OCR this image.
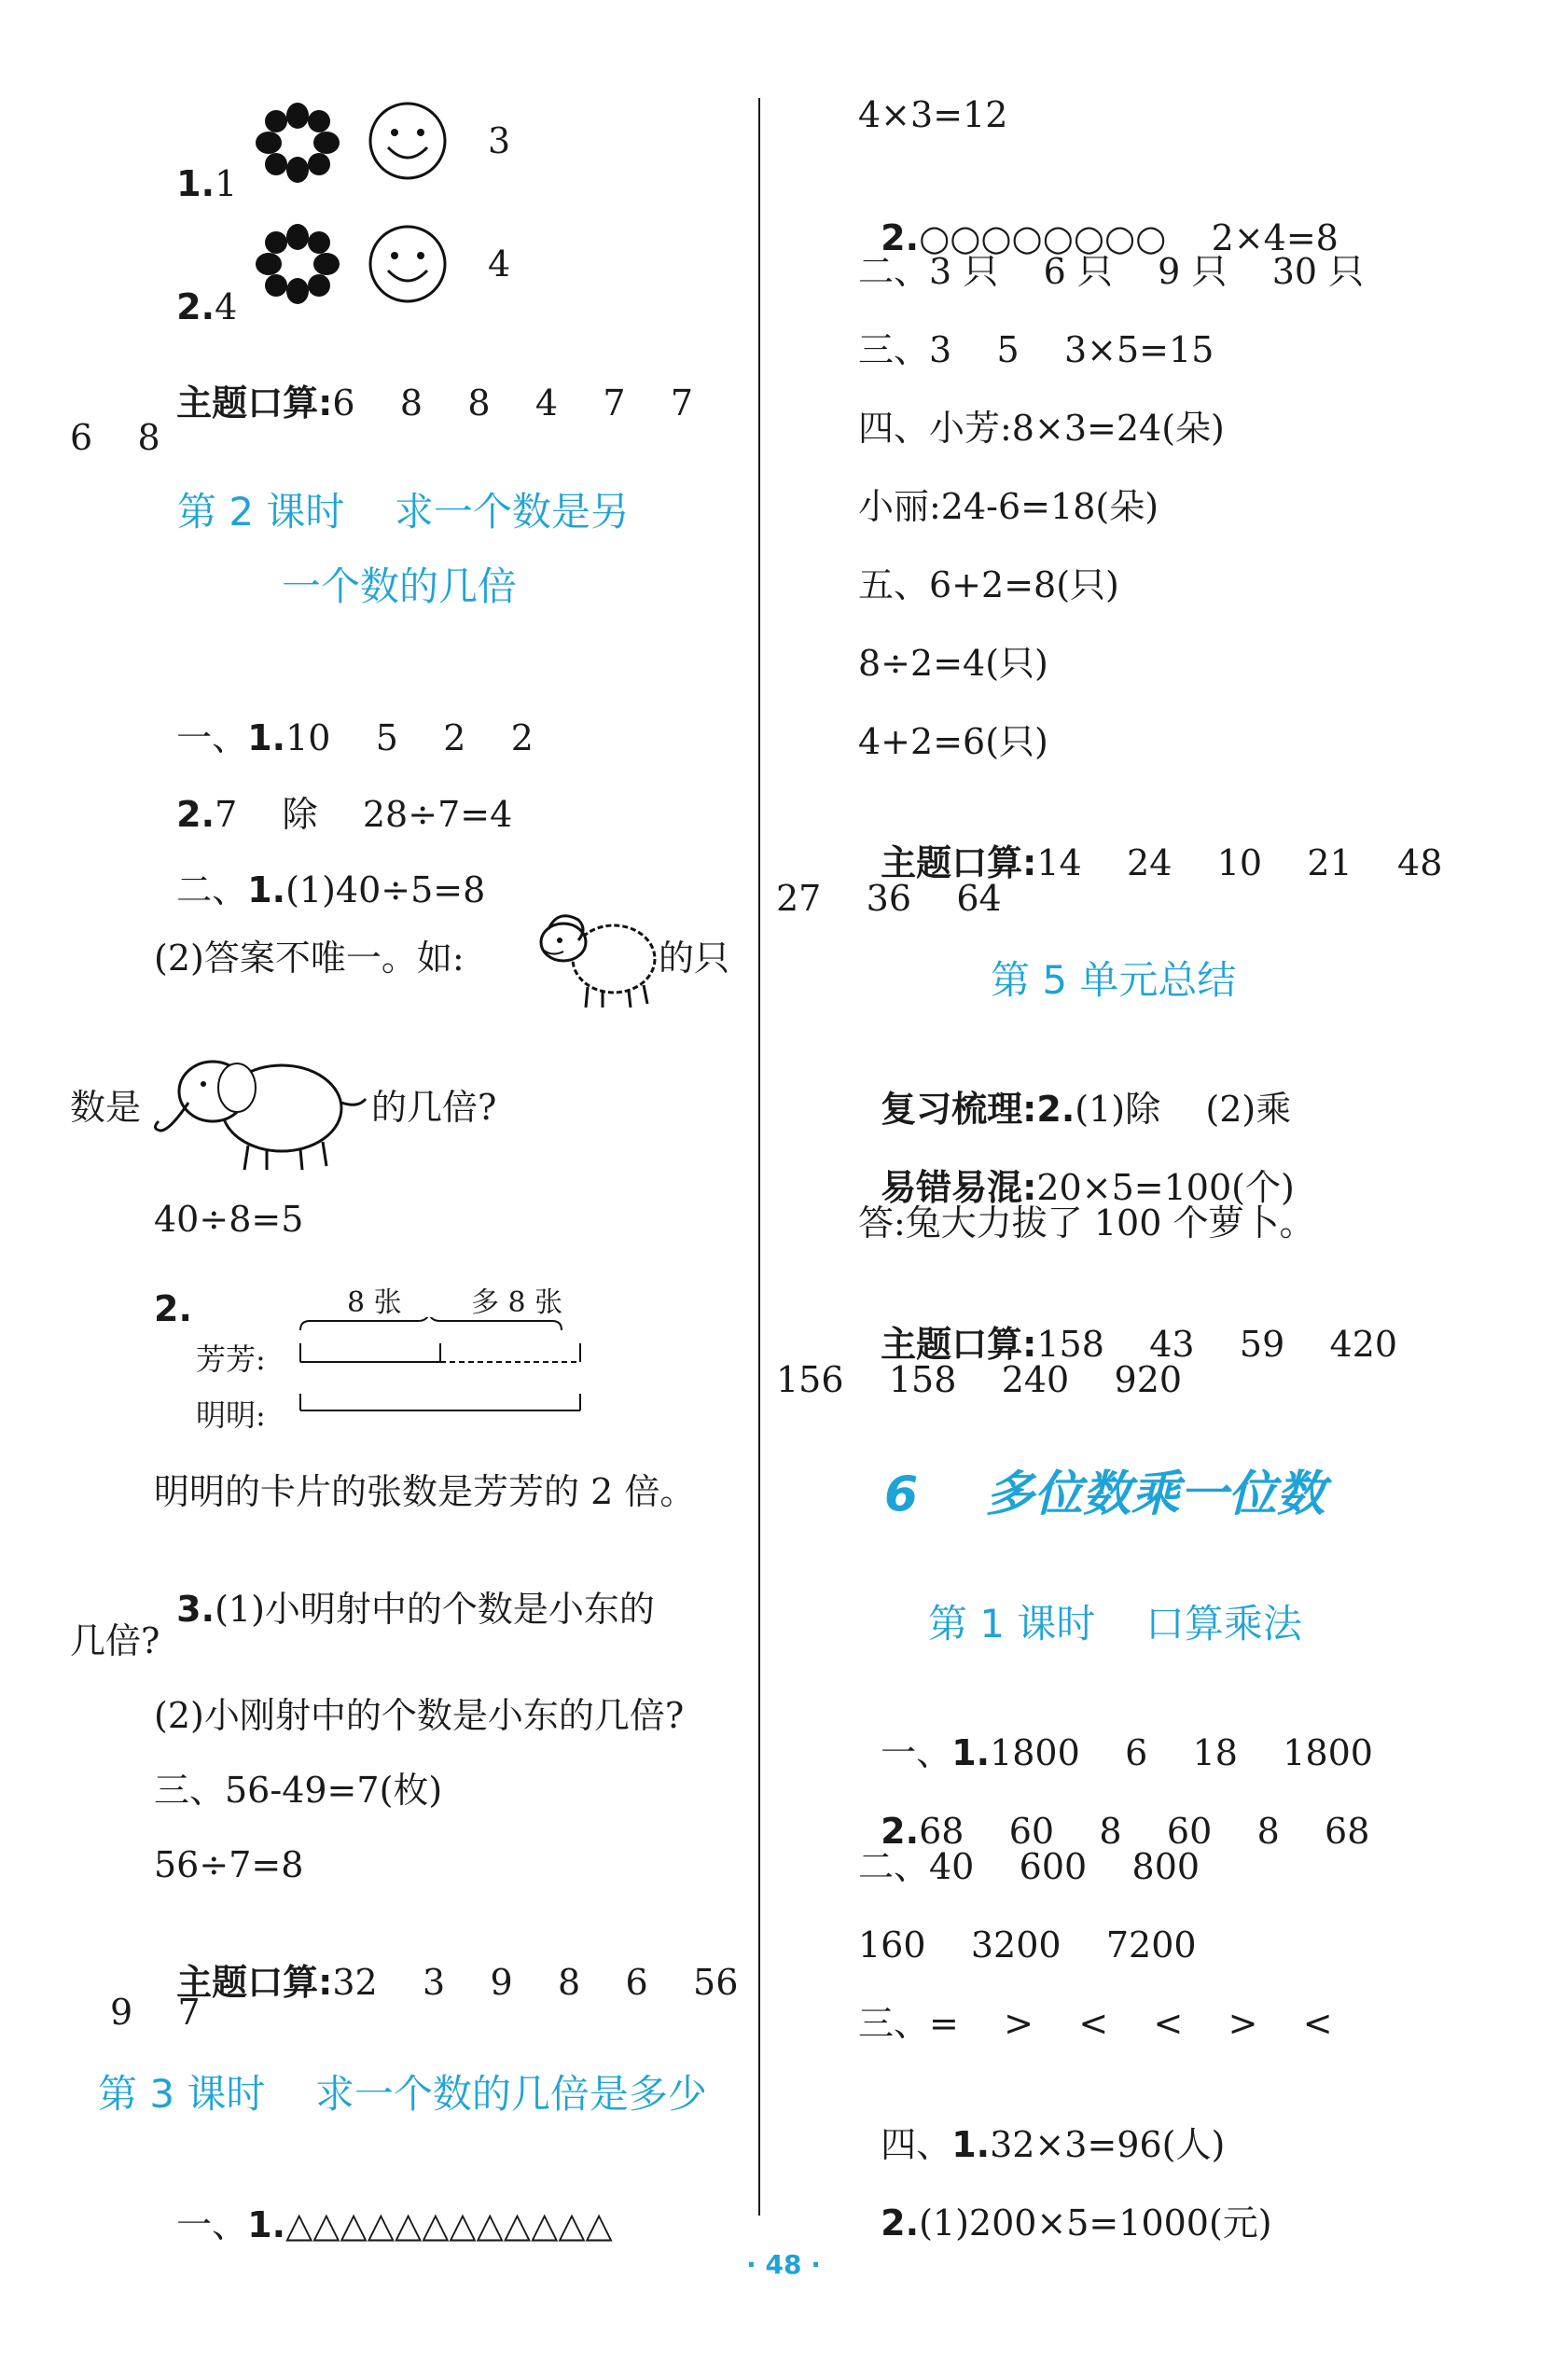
1.1

3

2.4

4

主题口算:6    8    8    4    7    7

6    8
第 2 课时    求一个数是另
一个数的几倍

一、1.10    5    2    2

2.7    除    28÷7=4

二、1.(1)40÷5=8

(2)答案不唯一。如:	的只
数是	的几倍?
40÷8=5
2.	8 张 多 8 张
芳芳:
明明:
明明的卡片的张数是芳芳的 2 倍。

3.(1)小明射中的个数是小东的

几倍?
(2)小刚射中的个数是小东的几倍?
三、56-49=7(枚)
56÷7=8

主题口算:32    3    9    8    6    56

9    7
第 3 课时    求一个数的几倍是多少

一、1.△△△△△△△△△△△△

4×3=12

2.○○○○○○○○    2×4=8

二、3 只    6 只    9 只    30 只
三、3    5    3×5=15
四、小芳:8×3=24(朵)
小丽:24-6=18(朵)
五、6+2=8(只)
8÷2=4(只)
4+2=6(只)

主题口算:14    24    10    21    48

27    36    64
第 5 单元总结

复习梳理:2.(1)除    (2)乘

易错易混:20×5=100(个)

答:兔大力拔了 100 个萝卜。

主题口算:158    43    59    420

156    158    240    920
6    多位数乘一位数
第 1 课时    口算乘法

一、1.1800    6    18    1800

2.68    60    8    60    8    68

二、40    600    800
160    3200    7200
三、=    >    <    <    >    <

四、1.32×3=96(人)

2.(1)200×5=1000(元)

· 48 ·
